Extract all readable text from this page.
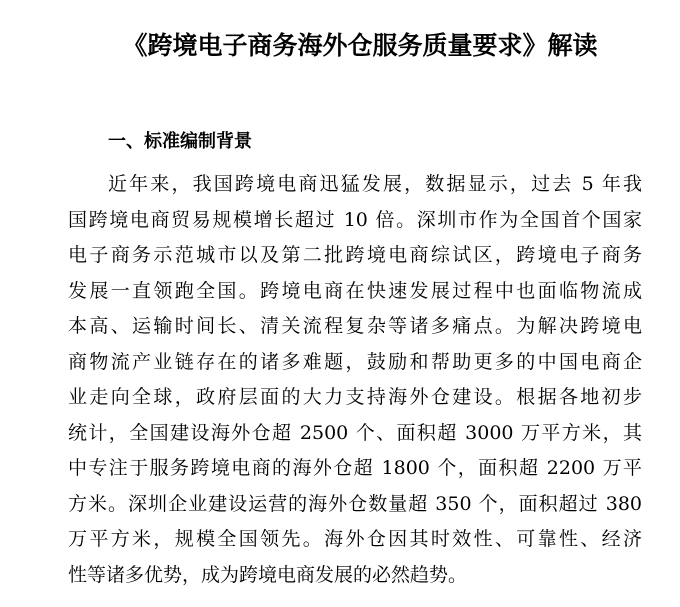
《跨境电子商务海外仓服务质量要求》解读
一、标准编制背景
近年来，我国跨境电商迅猛发展，数据显示，过去 5 年我
国跨境电商贸易规模增长超过 10 倍。深圳市作为全国首个国家
电子商务示范城市以及第二批跨境电商综试区，跨境电子商务
发展一直领跑全国。跨境电商在快速发展过程中也面临物流成
本高、运输时间长、清关流程复杂等诸多痛点。为解决跨境电
商物流产业链存在的诸多难题，鼓励和帮助更多的中国电商企
业走向全球，政府层面的大力支持海外仓建设。根据各地初步
统计，全国建设海外仓超 2500 个、面积超 3000 万平方米，其
中专注于服务跨境电商的海外仓超 1800 个，面积超 2200 万平
方米。深圳企业建设运营的海外仓数量超 350 个，面积超过 380
万平方米，规模全国领先。海外仓因其时效性、可靠性、经济
性等诸多优势，成为跨境电商发展的必然趋势。
